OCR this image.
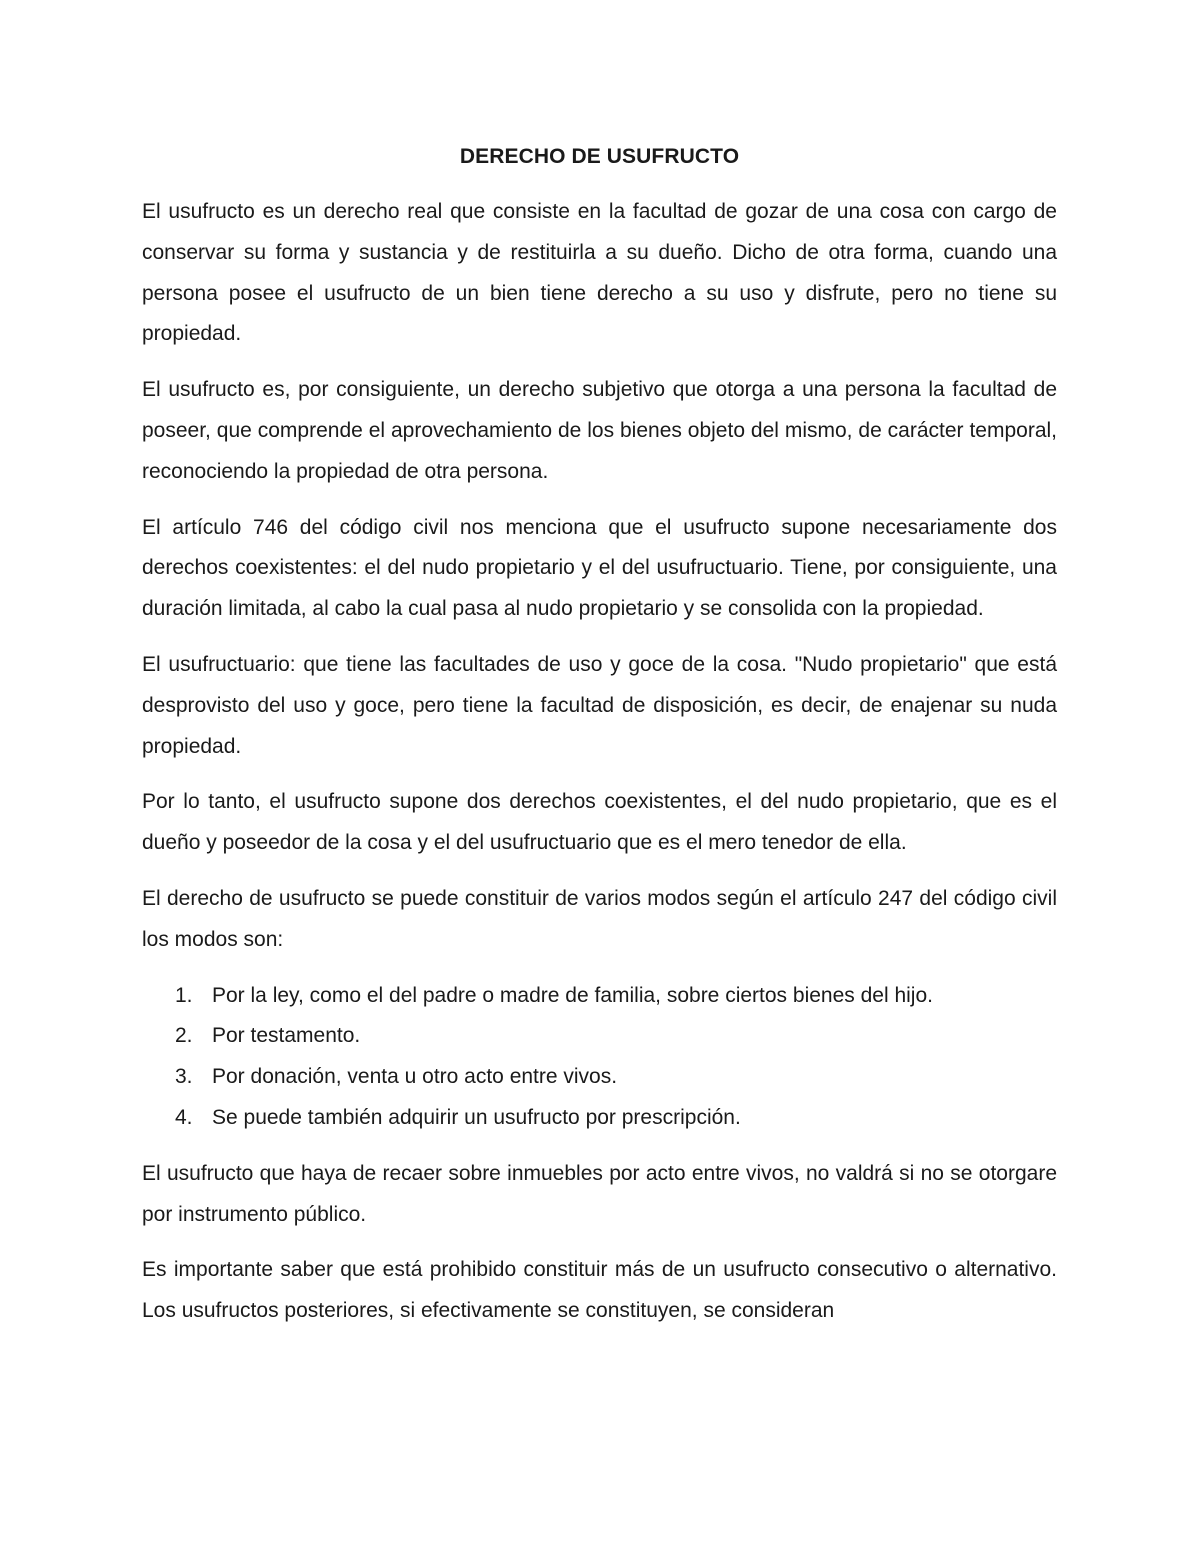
DERECHO DE USUFRUCTO

El usufructo es un derecho real que consiste en la facultad de gozar de una cosa con cargo de conservar su forma y sustancia y de restituirla a su dueño. Dicho de otra forma, cuando una persona posee el usufructo de un bien tiene derecho a su uso y disfrute, pero no tiene su propiedad.

El usufructo es, por consiguiente, un derecho subjetivo que otorga a una persona la facultad de poseer, que comprende el aprovechamiento de los bienes objeto del mismo, de carácter temporal, reconociendo la propiedad de otra persona.

El artículo 746 del código civil nos menciona que el usufructo supone necesariamente dos derechos coexistentes: el del nudo propietario y el del usufructuario. Tiene, por consiguiente, una duración limitada, al cabo la cual pasa al nudo propietario y se consolida con la propiedad.

El usufructuario: que tiene las facultades de uso y goce de la cosa. "Nudo propietario" que está desprovisto del uso y goce, pero tiene la facultad de disposición, es decir, de enajenar su nuda propiedad.

Por lo tanto, el usufructo supone dos derechos coexistentes, el del nudo propietario, que es el dueño y poseedor de la cosa y el del usufructuario que es el mero tenedor de ella.

El derecho de usufructo se puede constituir de varios modos según el artículo 247 del código civil los modos son:

1. Por la ley, como el del padre o madre de familia, sobre ciertos bienes del hijo.
2. Por testamento.
3. Por donación, venta u otro acto entre vivos.
4. Se puede también adquirir un usufructo por prescripción.

El usufructo que haya de recaer sobre inmuebles por acto entre vivos, no valdrá si no se otorgare por instrumento público.

Es importante saber que está prohibido constituir más de un usufructo consecutivo o alternativo. Los usufructos posteriores, si efectivamente se constituyen, se consideran
